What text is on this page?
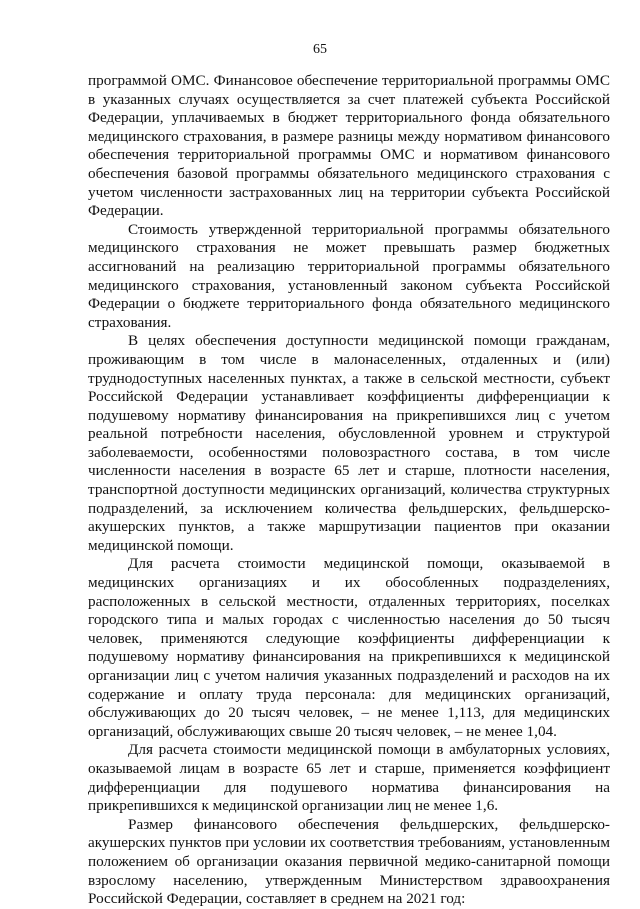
65

программой ОМС. Финансовое обеспечение территориальной программы ОМС в указанных случаях осуществляется за счет платежей субъекта Российской Федерации, уплачиваемых в бюджет территориального фонда обязательного медицинского страхования, в размере разницы между нормативом финансового обеспечения территориальной программы ОМС и нормативом финансового обеспечения базовой программы обязательного медицинского страхования с учетом численности застрахованных лиц на территории субъекта Российской Федерации.

Стоимость утвержденной территориальной программы обязательного медицинского страхования не может превышать размер бюджетных ассигнований на реализацию территориальной программы обязательного медицинского страхования, установленный законом субъекта Российской Федерации о бюджете территориального фонда обязательного медицинского страхования.

В целях обеспечения доступности медицинской помощи гражданам, проживающим в том числе в малонаселенных, отдаленных и (или) труднодоступных населенных пунктах, а также в сельской местности, субъект Российской Федерации устанавливает коэффициенты дифференциации к подушевому нормативу финансирования на прикрепившихся лиц с учетом реальной потребности населения, обусловленной уровнем и структурой заболеваемости, особенностями половозрастного состава, в том числе численности населения в возрасте 65 лет и старше, плотности населения, транспортной доступности медицинских организаций, количества структурных подразделений, за исключением количества фельдшерских, фельдшерско-акушерских пунктов, а также маршрутизации пациентов при оказании медицинской помощи.

Для расчета стоимости медицинской помощи, оказываемой в медицинских организациях и их обособленных подразделениях, расположенных в сельской местности, отдаленных территориях, поселках городского типа и малых городах с численностью населения до 50 тысяч человек, применяются следующие коэффициенты дифференциации к подушевому нормативу финансирования на прикрепившихся к медицинской организации лиц с учетом наличия указанных подразделений и расходов на их содержание и оплату труда персонала: для медицинских организаций, обслуживающих до 20 тысяч человек, – не менее 1,113, для медицинских организаций, обслуживающих свыше 20 тысяч человек, – не менее 1,04.

Для расчета стоимости медицинской помощи в амбулаторных условиях, оказываемой лицам в возрасте 65 лет и старше, применяется коэффициент дифференциации для подушевого норматива финансирования на прикрепившихся к медицинской организации лиц не менее 1,6.

Размер финансового обеспечения фельдшерских, фельдшерско-акушерских пунктов при условии их соответствия требованиям, установленным положением об организации оказания первичной медико-санитарной помощи взрослому населению, утвержденным Министерством здравоохранения Российской Федерации, составляет в среднем на 2021 год:
